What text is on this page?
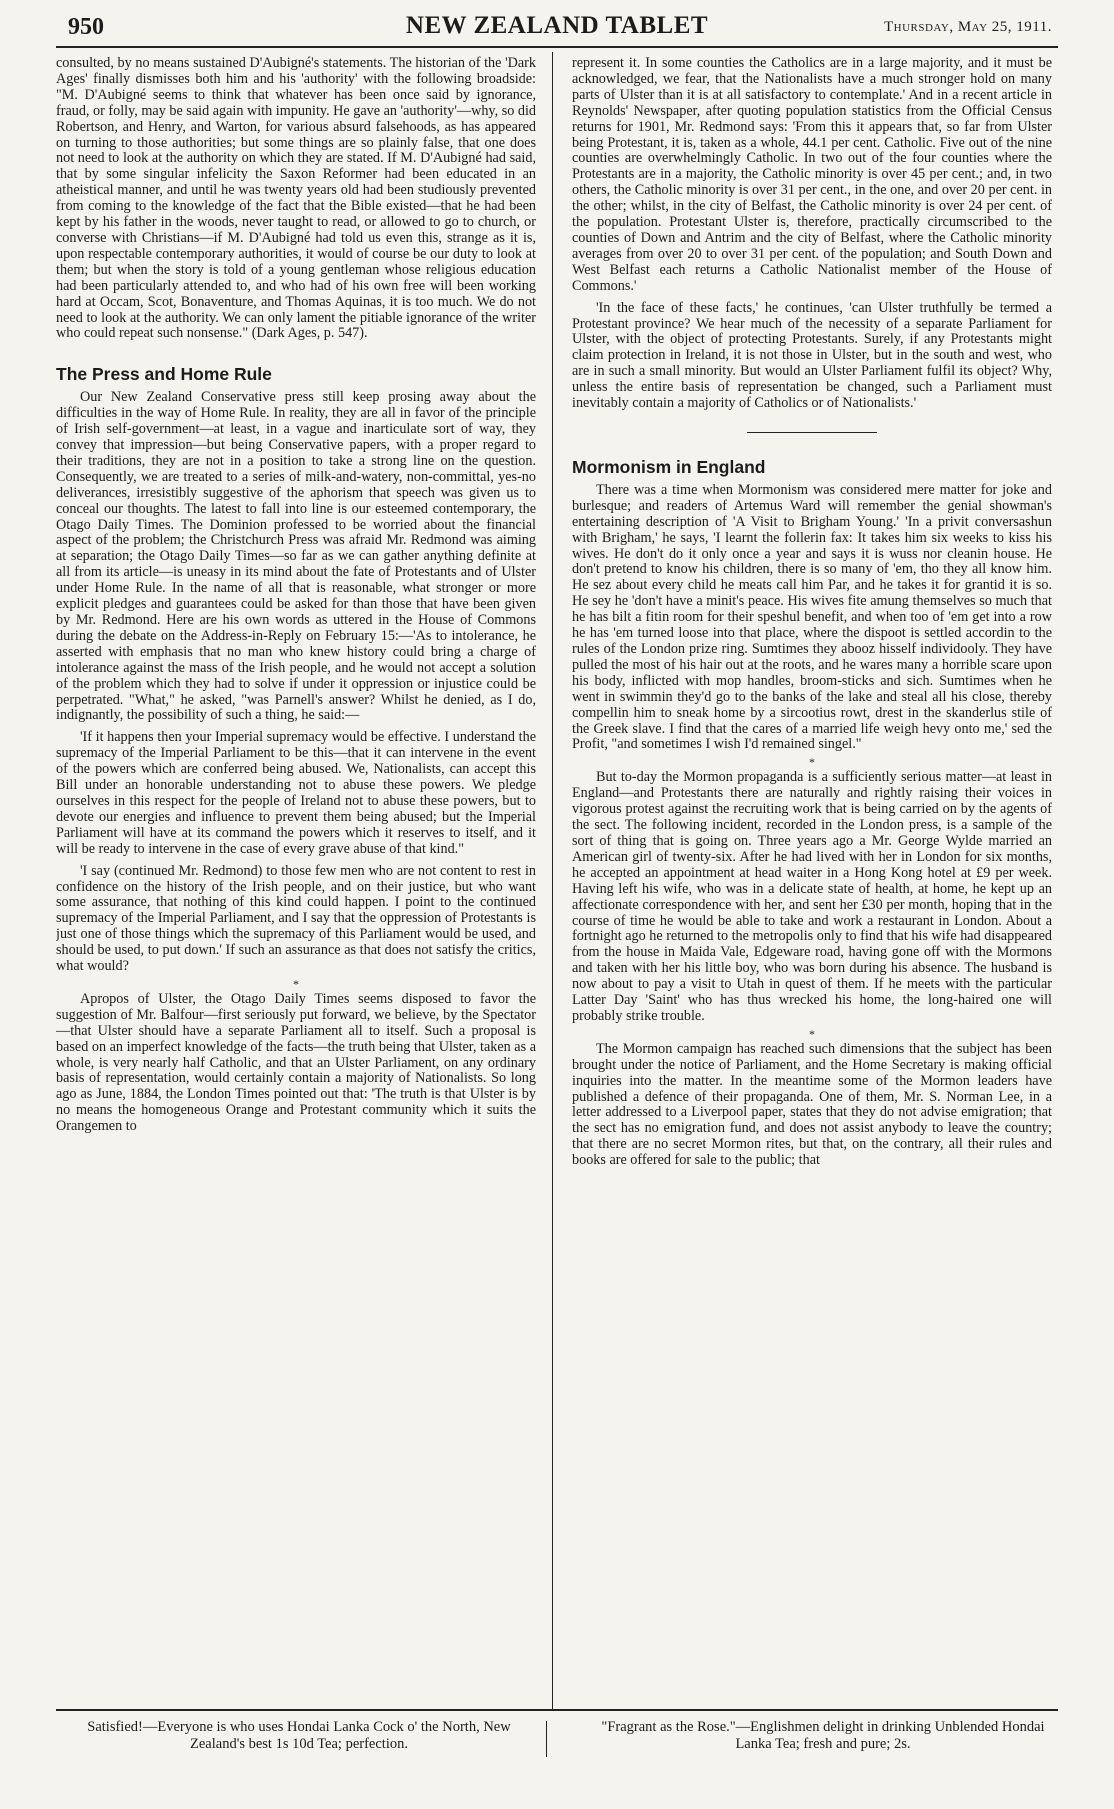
950	NEW ZEALAND TABLET	Thursday, May 25, 1911.

consulted, by no means sustained D'Aubigné's statements. The historian of the 'Dark Ages' finally dismisses both him and his 'authority' with the following broadside: "M. D'Aubigné seems to think that whatever has been once said by ignorance, fraud, or folly, may be said again with impunity. He gave an 'authority'—why, so did Robertson, and Henry, and Warton, for various absurd falsehoods, as has appeared on turning to those authorities; but some things are so plainly false, that one does not need to look at the authority on which they are stated. If M. D'Aubigné had said, that by some singular infelicity the Saxon Reformer had been educated in an atheistical manner, and until he was twenty years old had been studiously prevented from coming to the knowledge of the fact that the Bible existed—that he had been kept by his father in the woods, never taught to read, or allowed to go to church, or converse with Christians—if M. D'Aubigné had told us even this, strange as it is, upon respectable contemporary authorities, it would of course be our duty to look at them; but when the story is told of a young gentleman whose religious education had been particularly attended to, and who had of his own free will been working hard at Occam, Scot, Bonaventure, and Thomas Aquinas, it is too much. We do not need to look at the authority. We can only lament the pitiable ignorance of the writer who could repeat such nonsense." (Dark Ages, p. 547).

The Press and Home Rule

Our New Zealand Conservative press still keep prosing away about the difficulties in the way of Home Rule. In reality, they are all in favor of the principle of Irish self-government—at least, in a vague and inarticulate sort of way, they convey that impression—but being Conservative papers, with a proper regard to their traditions, they are not in a position to take a strong line on the question. Consequently, we are treated to a series of milk-and-watery, non-committal, yes-no deliverances, irresistibly suggestive of the aphorism that speech was given us to conceal our thoughts. The latest to fall into line is our esteemed contemporary, the Otago Daily Times. The Dominion professed to be worried about the financial aspect of the problem; the Christchurch Press was afraid Mr. Redmond was aiming at separation; the Otago Daily Times—so far as we can gather anything definite at all from its article—is uneasy in its mind about the fate of Protestants and of Ulster under Home Rule. In the name of all that is reasonable, what stronger or more explicit pledges and guarantees could be asked for than those that have been given by Mr. Redmond. Here are his own words as uttered in the House of Commons during the debate on the Address-in-Reply on February 15:—'As to intolerance, he asserted with emphasis that no man who knew history could bring a charge of intolerance against the mass of the Irish people, and he would not accept a solution of the problem which they had to solve if under it oppression or injustice could be perpetrated. "What," he asked, "was Parnell's answer? Whilst he denied, as I do, indignantly, the possibility of such a thing, he said:—

'If it happens then your Imperial supremacy would be effective. I understand the supremacy of the Imperial Parliament to be this—that it can intervene in the event of the powers which are conferred being abused. We, Nationalists, can accept this Bill under an honorable understanding not to abuse these powers. We pledge ourselves in this respect for the people of Ireland not to abuse these powers, but to devote our energies and influence to prevent them being abused; but the Imperial Parliament will have at its command the powers which it reserves to itself, and it will be ready to intervene in the case of every grave abuse of that kind."

'I say (continued Mr. Redmond) to those few men who are not content to rest in confidence on the history of the Irish people, and on their justice, but who want some assurance, that nothing of this kind could happen. I point to the continued supremacy of the Imperial Parliament, and I say that the oppression of Protestants is just one of those things which the supremacy of this Parliament would be used, and should be used, to put down.' If such an assurance as that does not satisfy the critics, what would?

*

Apropos of Ulster, the Otago Daily Times seems disposed to favor the suggestion of Mr. Balfour—first seriously put forward, we believe, by the Spectator—that Ulster should have a separate Parliament all to itself. Such a proposal is based on an imperfect knowledge of the facts—the truth being that Ulster, taken as a whole, is very nearly half Catholic, and that an Ulster Parliament, on any ordinary basis of representation, would certainly contain a majority of Nationalists. So long ago as June, 1884, the London Times pointed out that: 'The truth is that Ulster is by no means the homogeneous Orange and Protestant community which it suits the Orangemen to

represent it. In some counties the Catholics are in a large majority, and it must be acknowledged, we fear, that the Nationalists have a much stronger hold on many parts of Ulster than it is at all satisfactory to contemplate.' And in a recent article in Reynolds' Newspaper, after quoting population statistics from the Official Census returns for 1901, Mr. Redmond says: 'From this it appears that, so far from Ulster being Protestant, it is, taken as a whole, 44.1 per cent. Catholic. Five out of the nine counties are overwhelmingly Catholic. In two out of the four counties where the Protestants are in a majority, the Catholic minority is over 45 per cent.; and, in two others, the Catholic minority is over 31 per cent., in the one, and over 20 per cent. in the other; whilst, in the city of Belfast, the Catholic minority is over 24 per cent. of the population. Protestant Ulster is, therefore, practically circumscribed to the counties of Down and Antrim and the city of Belfast, where the Catholic minority averages from over 20 to over 31 per cent. of the population; and South Down and West Belfast each returns a Catholic Nationalist member of the House of Commons.'

'In the face of these facts,' he continues, 'can Ulster truthfully be termed a Protestant province? We hear much of the necessity of a separate Parliament for Ulster, with the object of protecting Protestants. Surely, if any Protestants might claim protection in Ireland, it is not those in Ulster, but in the south and west, who are in such a small minority. But would an Ulster Parliament fulfil its object? Why, unless the entire basis of representation be changed, such a Parliament must inevitably contain a majority of Catholics or of Nationalists.'

Mormonism in England

There was a time when Mormonism was considered mere matter for joke and burlesque; and readers of Artemus Ward will remember the genial showman's entertaining description of 'A Visit to Brigham Young.' 'In a privit conversashun with Brigham,' he says, 'I learnt the follerin fax: It takes him six weeks to kiss his wives. He don't do it only once a year and says it is wuss nor cleanin house. He don't pretend to know his children, there is so many of 'em, tho they all know him. He sez about every child he meats call him Par, and he takes it for grantid it is so. He sey he 'don't have a minit's peace. His wives fite amung themselves so much that he has bilt a fitin room for their speshul benefit, and when too of 'em get into a row he has 'em turned loose into that place, where the dispoot is settled accordin to the rules of the London prize ring. Sumtimes they abooz hisself individooly. They have pulled the most of his hair out at the roots, and he wares many a horrible scare upon his body, inflicted with mop handles, broom-sticks and sich. Sumtimes when he went in swimmin they'd go to the banks of the lake and steal all his close, thereby compellin him to sneak home by a sircootius rowt, drest in the skanderlus stile of the Greek slave. I find that the cares of a married life weigh hevy onto me,' sed the Profit, "and sometimes I wish I'd remained singel."

*

But to-day the Mormon propaganda is a sufficiently serious matter—at least in England—and Protestants there are naturally and rightly raising their voices in vigorous protest against the recruiting work that is being carried on by the agents of the sect. The following incident, recorded in the London press, is a sample of the sort of thing that is going on. Three years ago a Mr. George Wylde married an American girl of twenty-six. After he had lived with her in London for six months, he accepted an appointment at head waiter in a Hong Kong hotel at £9 per week. Having left his wife, who was in a delicate state of health, at home, he kept up an affectionate correspondence with her, and sent her £30 per month, hoping that in the course of time he would be able to take and work a restaurant in London. About a fortnight ago he returned to the metropolis only to find that his wife had disappeared from the house in Maida Vale, Edgeware road, having gone off with the Mormons and taken with her his little boy, who was born during his absence. The husband is now about to pay a visit to Utah in quest of them. If he meets with the particular Latter Day 'Saint' who has thus wrecked his home, the long-haired one will probably strike trouble.

*

The Mormon campaign has reached such dimensions that the subject has been brought under the notice of Parliament, and the Home Secretary is making official inquiries into the matter. In the meantime some of the Mormon leaders have published a defence of their propaganda. One of them, Mr. S. Norman Lee, in a letter addressed to a Liverpool paper, states that they do not advise emigration; that the sect has no emigration fund, and does not assist anybody to leave the country; that there are no secret Mormon rites, but that, on the contrary, all their rules and books are offered for sale to the public; that

Satisfied!—Everyone is who uses Hondai Lanka Cock o' the North, New Zealand's best 1s 10d Tea; perfection.
"Fragrant as the Rose."—Englishmen delight in drinking Unblended Hondai Lanka Tea; fresh and pure; 2s.
